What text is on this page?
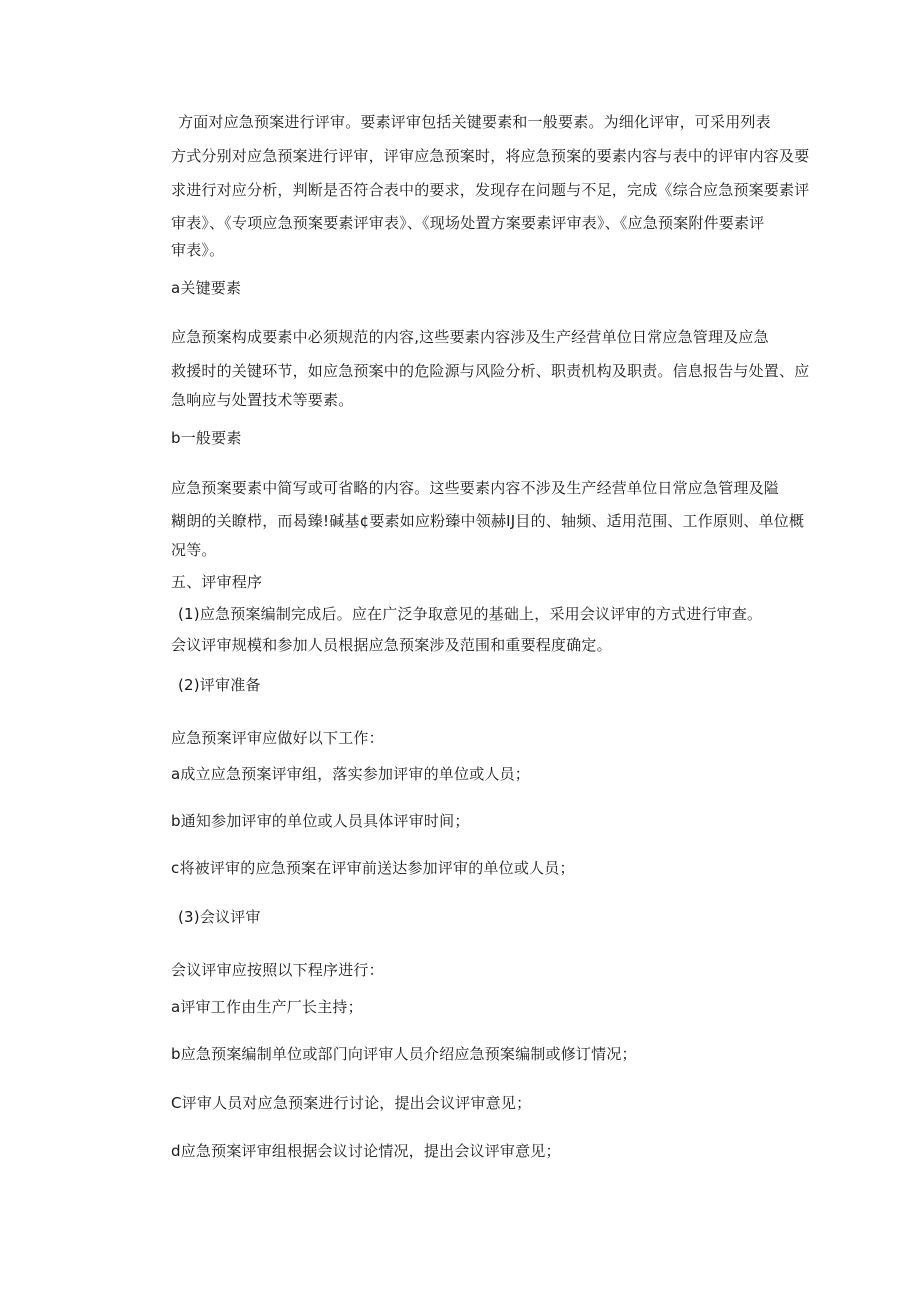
方面对应急预案进行评审。要素评审包括关键要素和一般要素。为细化评审，可采用列表
方式分别对应急预案进行评审，评审应急预案时，将应急预案的要素内容与表中的评审内容及要
求进行对应分析，判断是否符合表中的要求，发现存在问题与不足，完成《综合应急预案要素评
审表》、《专项应急预案要素评审表》、《现场处置方案要素评审表》、《应急预案附件要素评
审表》。
a关键要素
应急预案构成要素中必须规范的内容,这些要素内容涉及生产经营单位日常应急管理及应急
救援时的关键环节，如应急预案中的危险源与风险分析、职责机构及职责。信息报告与处置、应
急响应与处置技术等要素。
b一般要素
应急预案要素中简写或可省略的内容。这些要素内容不涉及生产经营单位日常应急管理及隘
糊朗的关瞭栉，而曷臻!碱基¢要素如应粉臻中领赫IJ目的、轴频、适用范围、工作原则、单位概
况等。
五、评审程序
(1)应急预案编制完成后。应在广泛争取意见的基础上，采用会议评审的方式进行审查。
会议评审规模和参加人员根据应急预案涉及范围和重要程度确定。
(2)评审准备
应急预案评审应做好以下工作：
a成立应急预案评审组，落实参加评审的单位或人员；
b通知参加评审的单位或人员具体评审时间；
c将被评审的应急预案在评审前送达参加评审的单位或人员；
(3)会议评审
会议评审应按照以下程序进行：
a评审工作由生产厂长主持；
b应急预案编制单位或部门向评审人员介绍应急预案编制或修订情况；
C评审人员对应急预案进行讨论，提出会议评审意见；
d应急预案评审组根据会议讨论情况，提出会议评审意见；
